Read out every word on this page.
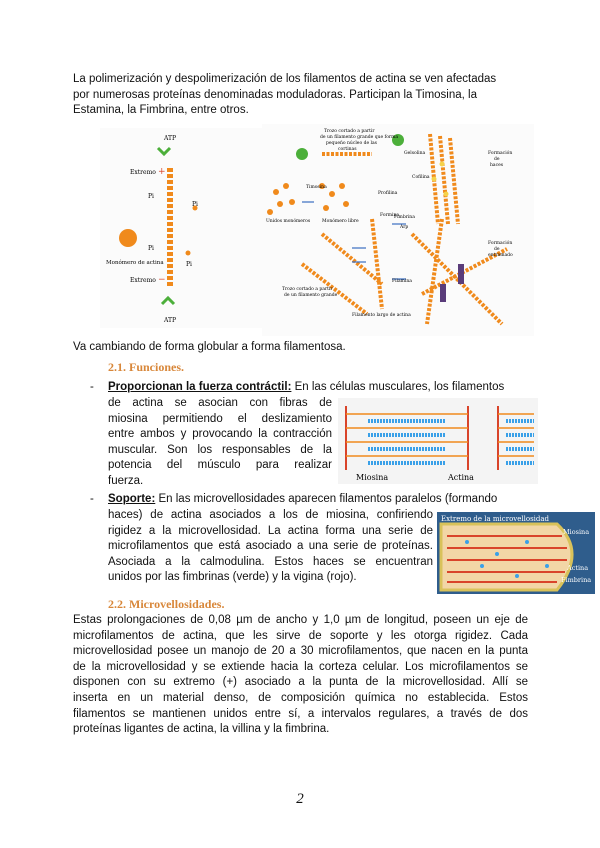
La polimerización y despolimerización de los filamentos de actina se ven afectadas
por numerosas proteínas denominadas moduladoras. Participan la Timosina, la
Estamina, la Fimbrina, entre otros.
ATP
Extremo +
Pi
Pi
Monómero de actina
Pi
Pi
Extremo −
ATP
Trozo cortado a partir
de un filamento grande que forma
pequeño núcleo de las
cortinas
Gelsolina
Timosina
Unidos monómeros	Monómero libre
Cofilina
Profilina
Formina
Arp
Fimbrina
Filamina
Formación
de
haces
Formación
de
entramado
Trozo cortado a partir
de un filamento grande
Filamento largo de actina
Va cambiando de forma globular a forma filamentosa.
2.1. Funciones.
- Proporcionan la fuerza contráctil: En las células musculares, los filamentos
de actina se asocian con fibras de
miosina permitiendo el deslizamiento
entre ambos y provocando la contracción
muscular. Son los responsables de la
potencia del músculo para realizar
fuerza.	Miosina	Actina
- Soporte: En las microvellosidades aparecen filamentos paralelos (formando
haces) de actina asociados a los de miosina, confiriendo
rigidez a la microvellosidad. La actina forma una serie de
microfilamentos que está asociado a una serie de proteínas.
Asociada a la calmodulina. Estos haces se encuentran
unidos por las fimbrinas (verde) y la vigina (rojo).
Extremo de la microvellosidad
Miosina
Actina
Fimbrina
2.2. Microvellosidades.
Estas prolongaciones de 0,08 µm de ancho y 1,0 µm de longitud, poseen un eje de
microfilamentos de actina, que les sirve de soporte y les otorga rigidez. Cada
microvellosidad posee un manojo de 20 a 30 microfilamentos, que nacen en la punta
de la microvellosidad y se extiende hacia la corteza celular. Los microfilamentos se
disponen con su extremo (+) asociado a la punta de la microvellosidad. Allí se
inserta en un material denso, de composición química no establecida. Estos
filamentos se mantienen unidos entre sí, a intervalos regulares, a través de dos
proteínas ligantes de actina, la villina y la fimbrina.
2
